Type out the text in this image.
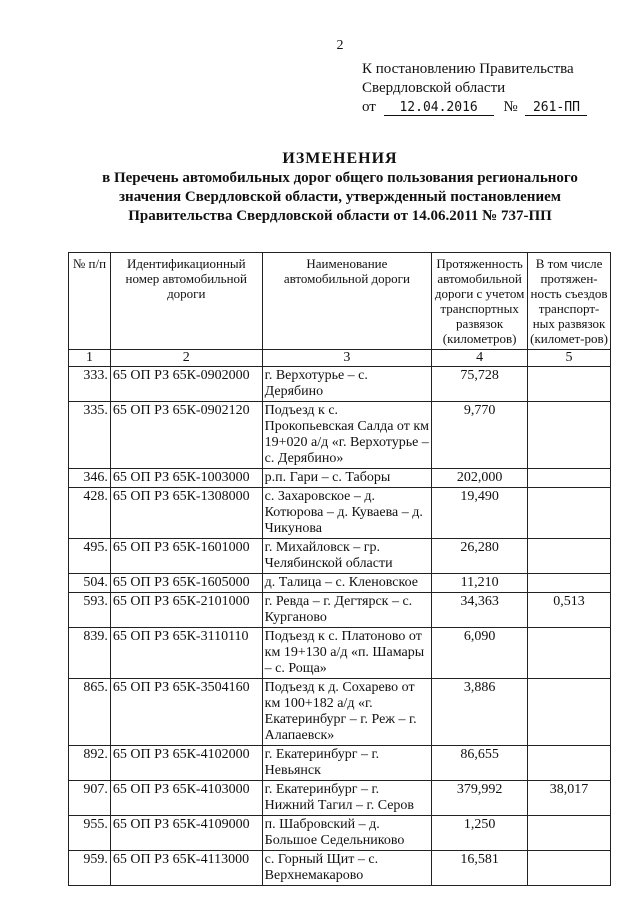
2
К постановлению Правительства
Свердловской области
от 12.04.2016 № 261-ПП
ИЗМЕНЕНИЯ
в Перечень автомобильных дорог общего пользования регионального значения Свердловской области, утвержденный постановлением Правительства Свердловской области от 14.06.2011 № 737-ПП
№ п/п	Идентификационный номер автомобильной дороги	Наименование автомобильной дороги	Протяженность автомобильной дороги с учетом транспортных развязок (километров)	В том числе протяжен-ность съездов транспорт-ных развязок (километ-ров)
1	2	3	4	5
333.	65 ОП РЗ 65К-0902000	г. Верхотурье – с. Дерябино	75,728	
335.	65 ОП РЗ 65К-0902120	Подъезд к с. Прокопьевская Салда от км 19+020 а/д «г. Верхотурье – с. Дерябино»	9,770	
346.	65 ОП РЗ 65К-1003000	р.п. Гари – с. Таборы	202,000	
428.	65 ОП РЗ 65К-1308000	с. Захаровское – д. Котюрова – д. Куваева – д. Чикунова	19,490	
495.	65 ОП РЗ 65К-1601000	г. Михайловск – гр. Челябинской области	26,280	
504.	65 ОП РЗ 65К-1605000	д. Талица – с. Кленовское	11,210	
593.	65 ОП РЗ 65К-2101000	г. Ревда – г. Дегтярск – с. Курганово	34,363	0,513
839.	65 ОП РЗ 65К-3110110	Подъезд к с. Платоново от км 19+130 а/д «п. Шамары – с. Роща»	6,090	
865.	65 ОП РЗ 65К-3504160	Подъезд к д. Сохарево от км 100+182 а/д «г. Екатеринбург – г. Реж – г. Алапаевск»	3,886	
892.	65 ОП РЗ 65К-4102000	г. Екатеринбург – г. Невьянск	86,655	
907.	65 ОП РЗ 65К-4103000	г. Екатеринбург – г. Нижний Тагил – г. Серов	379,992	38,017
955.	65 ОП РЗ 65К-4109000	п. Шабровский – д. Большое Седельниково	1,250	
959.	65 ОП РЗ 65К-4113000	с. Горный Щит – с. Верхнемакарово	16,581	
